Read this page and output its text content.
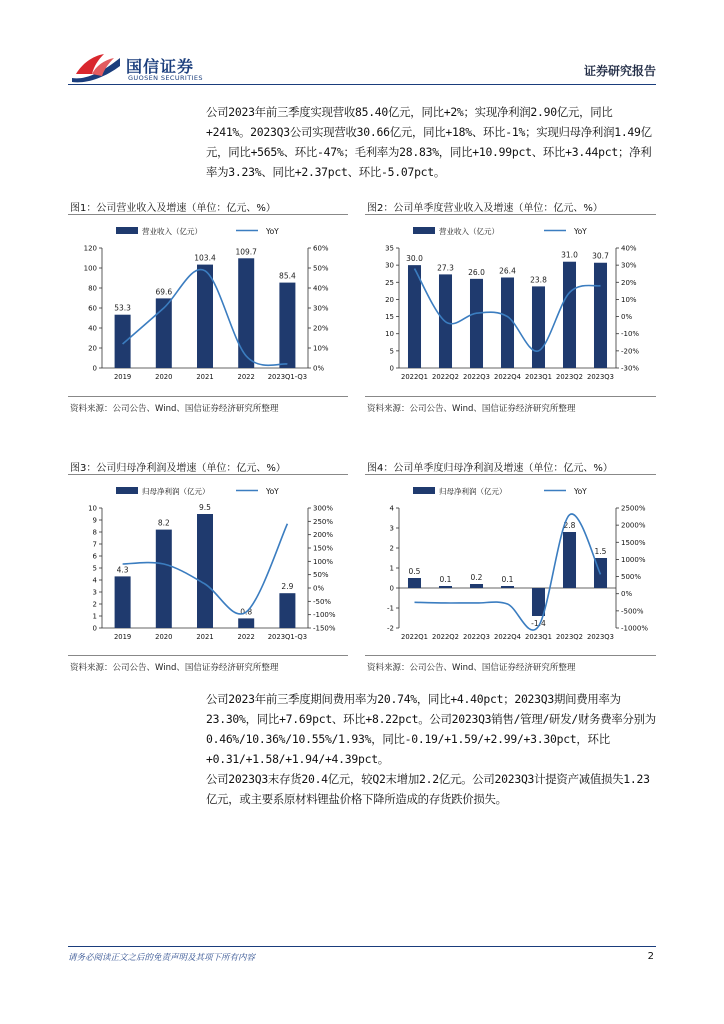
国信证券
GUOSEN SECURITIES	证券研究报告
公司2023年前三季度实现营收85.40亿元，同比+2%；实现净利润2.90亿元，同比+241%。2023Q3公司实现营收30.66亿元，同比+18%、环比-1%；实现归母净利润1.49亿元，同比+565%、环比-47%；毛利率为28.83%，同比+10.99pct、环比+3.44pct；净利率为3.23%、同比+2.37pct、环比-5.07pct。
图1：公司营业收入及增速（单位：亿元、%）
营业收入（亿元）	YoY
0
20
40
60
80
100
120
0%
10%
20%
30%
40%
50%
60%
2019	2020	2021	2022 2023Q1-Q3
53.3
69.6
103.4
109.7
85.4
资料来源：公司公告、Wind、国信证券经济研究所整理
图2：公司单季度营业收入及增速（单位：亿元、%）
营业收入（亿元）	YoY
0
5
10
15
20
25
30
35
-30%
-20%
-10%
0%
10%
20%
30%
40%
2022Q1 2022Q2 2022Q3 2022Q4 2023Q1 2023Q2 2023Q3
30.0
27.3 26.0 26.4
23.8
31.0 30.7
资料来源：公司公告、Wind、国信证券经济研究所整理
图3：公司归母净利润及增速（单位：亿元、%）
归母净利润（亿元）	YoY
0
1
2
3
4
5
6
7
8
9
10
-150%
-100%
-50%
0%
50%
100%
150%
200%
250%
300%
2019	2020	2021	2022 2023Q1-Q3
4.3
8.2
9.5
0.8
2.9
资料来源：公司公告、Wind、国信证券经济研究所整理
图4：公司单季度归母净利润及增速（单位：亿元、%）
归母净利润（亿元）	YoY
-2
-1
0
1
2
3
4
-1000%
-500%
0%
500%
1000%
1500%
2000%
2500%
2022Q1 2022Q2 2022Q3 2022Q4 2023Q1 2023Q2 2023Q3
0.5
0.1	0.2	0.1
-1.4
2.8
1.5
资料来源：公司公告、Wind、国信证券经济研究所整理
公司2023年前三季度期间费用率为20.74%，同比+4.40pct；2023Q3期间费用率为23.30%，同比+7.69pct、环比+8.22pct。公司2023Q3销售/管理/研发/财务费率分别为0.46%/10.36%/10.55%/1.93%，同比-0.19/+1.59/+2.99/+3.30pct，环比+0.31/+1.58/+1.94/+4.39pct。
公司2023Q3末存货20.4亿元，较Q2末增加2.2亿元。公司2023Q3计提资产减值损失1.23亿元，或主要系原材料锂盐价格下降所造成的存货跌价损失。
请务必阅读正文之后的免责声明及其项下所有内容	2
